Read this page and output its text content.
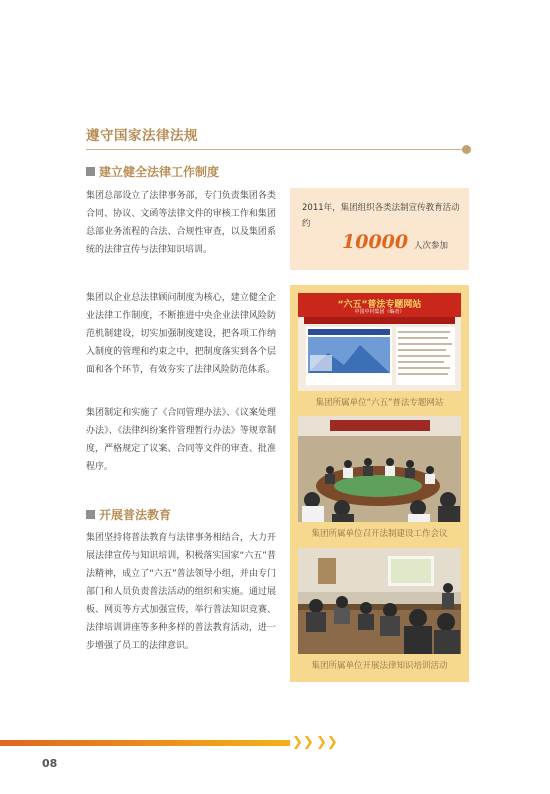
遵守国家法律法规
建立健全法律工作制度
集团总部设立了法律事务部，专门负责集团各类合同、协议、文函等法律文件的审核工作和集团总部业务流程的合法、合规性审查，以及集团系统的法律宣传与法律知识培训。
集团以企业总法律顾问制度为核心，建立健全企业法律工作制度，不断推进中央企业法律风险防范机制建设，切实加强制度建设，把各项工作纳入制度的管理和约束之中，把制度落实到各个层面和各个环节，有效夯实了法律风险防范体系。
集团制定和实施了《合同管理办法》、《议案处理办法》、《法律纠纷案件管理暂行办法》等规章制度，严格规定了议案、合同等文件的审查、批准程序。
开展普法教育
集团坚持将普法教育与法律事务相结合，大力开展法律宣传与知识培训，积极落实国家“六五”普法精神，成立了“六五”普法领导小组，并由专门部门和人员负责普法活动的组织和实施。通过展板、网页等方式加强宣传，举行普法知识竞赛、法律培训讲座等多种多样的普法教育活动，进一步增强了员工的法律意识。
2011年，集团组织各类法制宣传教育活动约
10000 人次参加
“六五”普法专题网站
中国中材集团（编者）
集团所属单位“六五”普法专题网站
集团所属单位召开法制建设工作会议
集团所属单位开展法律知识培训活动
❯❯ ❯❯
08
